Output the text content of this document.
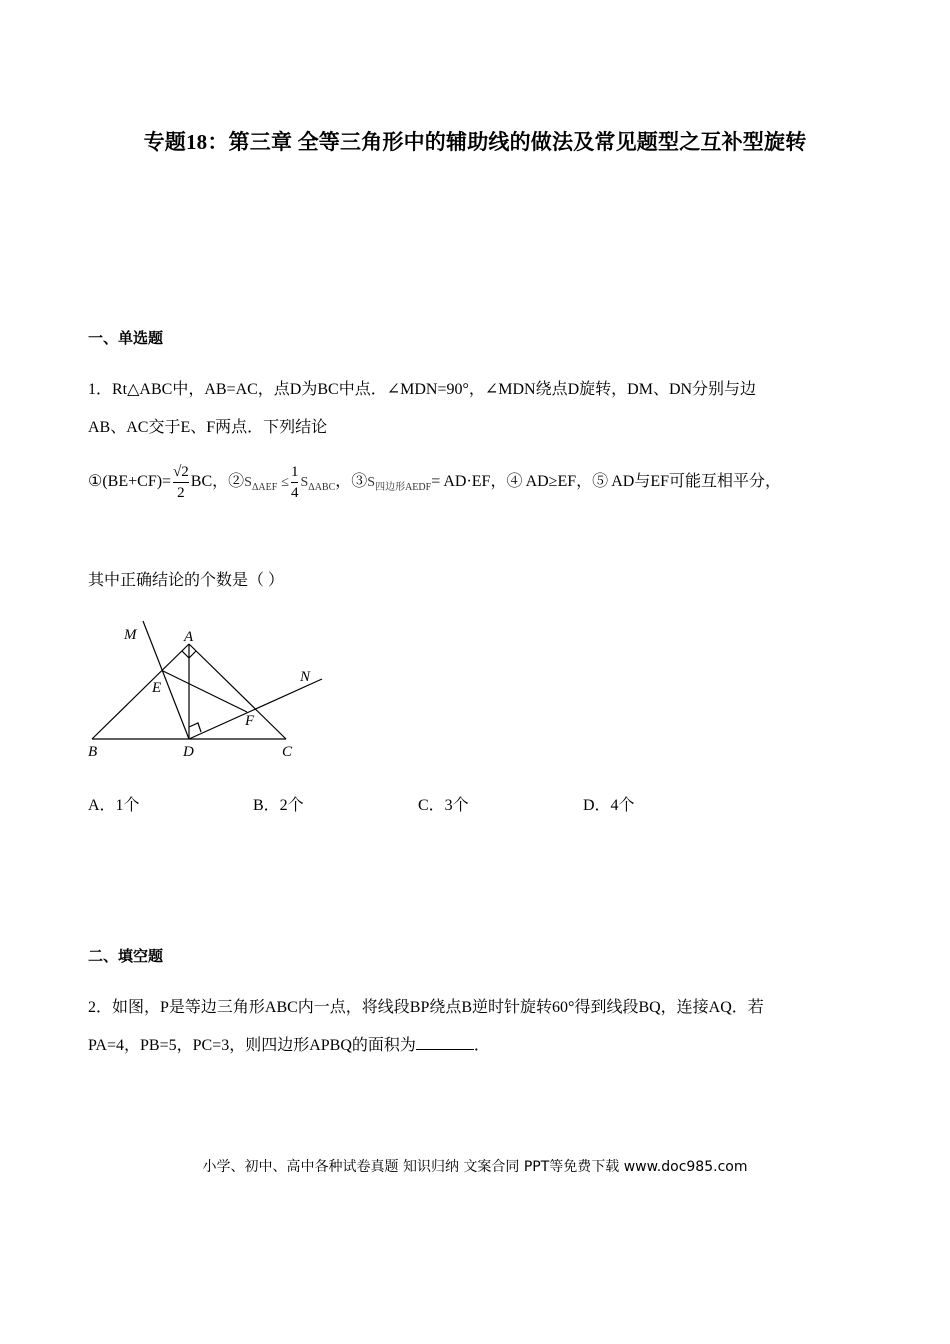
专题18：第三章 全等三角形中的辅助线的做法及常见题型之互补型旋转
一、单选题
1．Rt△ABC中，AB=AC，点D为BC中点．∠MDN=90°，∠MDN绕点D旋转，DM、DN分别与边
AB、AC交于E、F两点．下列结论
①(BE+CF)= $\frac{√2}{2}$ BC，$②S_{\Delta AEF} \le \frac{1}{4} S_{\Delta ABC}$，$③S_{四边形AEDF}= AD\cdot EF$，④ AD≥EF，⑤ AD与EF可能互相平分，
其中正确结论的个数是（ ）
M	A
N
E
F
B	D	C
A．1个	B．2个	C．3个	D．4个
二、填空题
2．如图，P是等边三角形ABC内一点，将线段BP绕点B逆时针旋转60°得到线段BQ，连接AQ．若
PA=4，PB=5，PC=3，则四边形APBQ的面积为	．
小学、初中、高中各种试卷真题 知识归纳 文案合同 PPT等免费下载 www.doc985.com
